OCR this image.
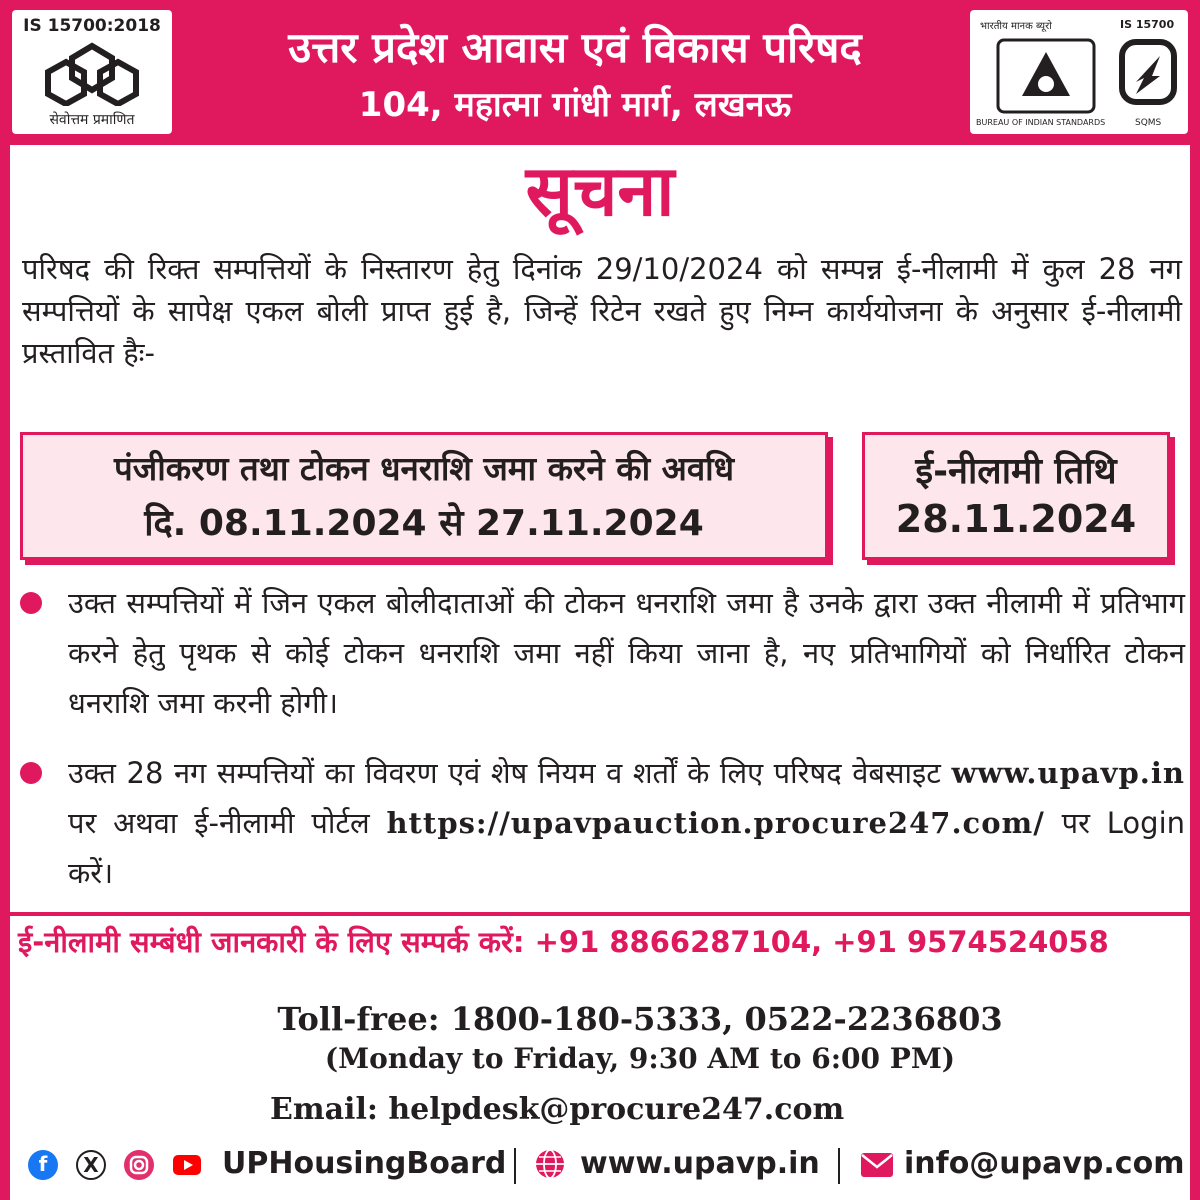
IS 15700:2018
सेवोत्तम प्रमाणित
उत्तर प्रदेश आवास एवं विकास परिषद
104, महात्मा गांधी मार्ग, लखनऊ
भारतीय मानक ब्यूरो	IS 15700
BUREAU OF INDIAN STANDARDS	SQMS
सूचना
परिषद की रिक्त सम्पत्तियों के निस्तारण हेतु दिनांक 29/10/2024 को सम्पन्न ई-नीलामी में कुल 28 नग सम्पत्तियों के सापेक्ष एकल बोली प्राप्त हुई है, जिन्हें रिटेन रखते हुए निम्न कार्ययोजना के अनुसार ई-नीलामी प्रस्तावित हैः-
पंजीकरण तथा टोकन धनराशि जमा करने की अवधि
दि. 08.11.2024 से 27.11.2024
ई-नीलामी तिथि
28.11.2024
उक्त सम्पत्तियों में जिन एकल बोलीदाताओं की टोकन धनराशि जमा है उनके द्वारा उक्त नीलामी में प्रतिभाग करने हेतु पृथक से कोई टोकन धनराशि जमा नहीं किया जाना है, नए प्रतिभागियों को निर्धारित टोकन धनराशि जमा करनी होगी।
उक्त 28 नग सम्पत्तियों का विवरण एवं शेष नियम व शर्तों के लिए परिषद वेबसाइट www.upavp.in पर अथवा ई-नीलामी पोर्टल https://upavpauction.procure247.com/ पर Login करें।
ई-नीलामी सम्बंधी जानकारी के लिए सम्पर्क करें: +91 8866287104, +91 9574524058
Toll-free: 1800-180-5333, 0522-2236803
(Monday to Friday, 9:30 AM to 6:00 PM)
Email: helpdesk@procure247.com
f	X	UPHousingBoard www.upavp.in	info@upavp.com
